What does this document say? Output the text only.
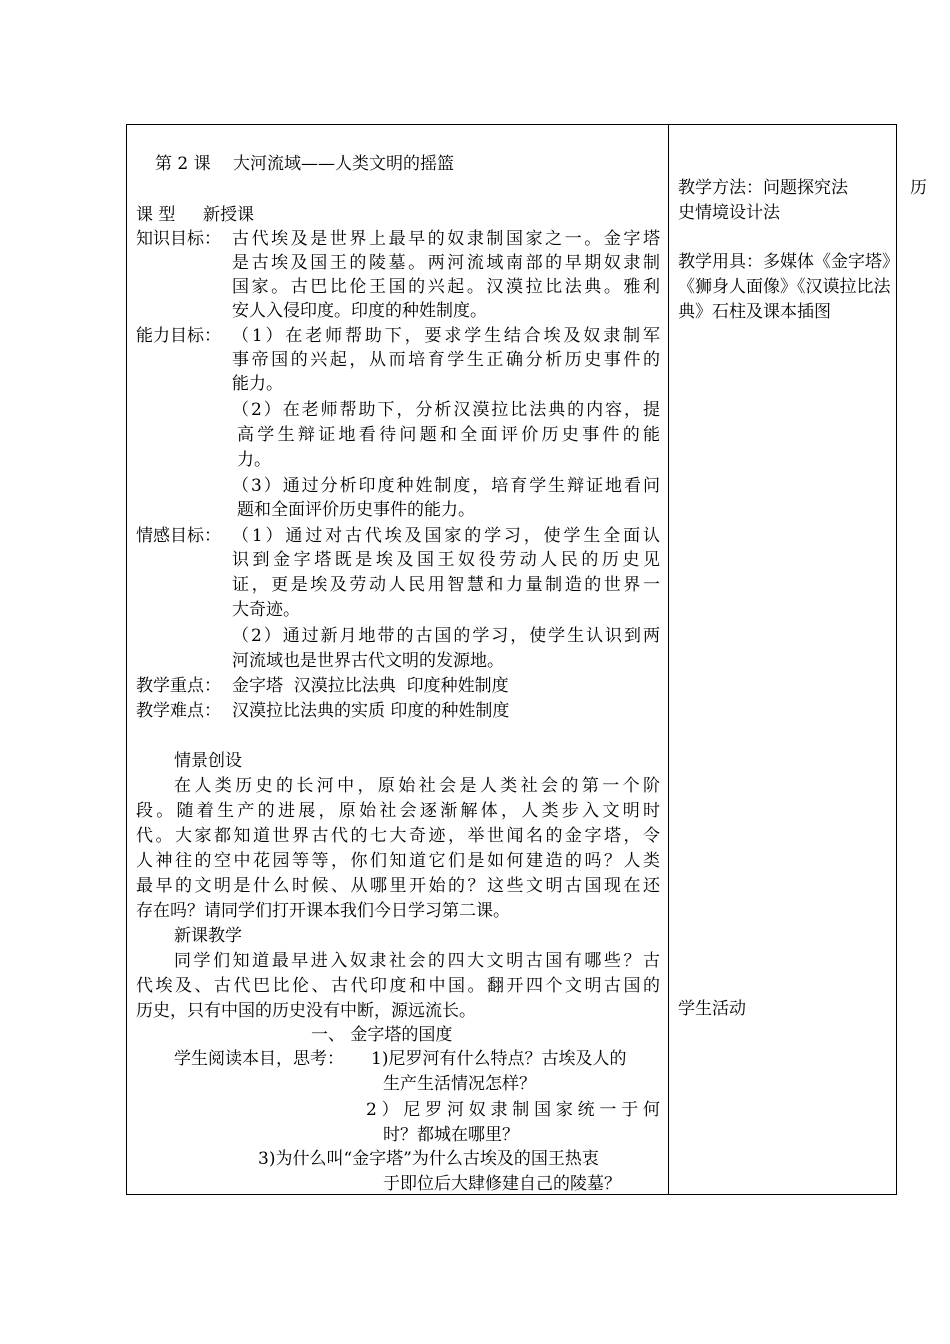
第 2 课　 大河流域——人类文明的摇篮
课 型 新授课
知识目标： 古代埃及是世界上最早的奴隶制国家之一。金字塔
是古埃及国王的陵墓。两河流域南部的早期奴隶制
国家。古巴比伦王国的兴起。汉漠拉比法典。雅利
安人入侵印度。印度的种姓制度。
能力目标： （1）在老师帮助下，要求学生结合埃及奴隶制军
事帝国的兴起，从而培育学生正确分析历史事件的
能力。
（2）在老师帮助下，分析汉漠拉比法典的内容，提
高学生辩证地看待问题和全面评价历史事件的能
力。
（3）通过分析印度种姓制度，培育学生辩证地看问
题和全面评价历史事件的能力。
情感目标： （1）通过对古代埃及国家的学习，使学生全面认
识到金字塔既是埃及国王奴役劳动人民的历史见
证，更是埃及劳动人民用智慧和力量制造的世界一
大奇迹。
（2）通过新月地带的古国的学习，使学生认识到两
河流域也是世界古代文明的发源地。
教学重点： 金字塔  汉漠拉比法典  印度种姓制度
教学难点： 汉漠拉比法典的实质 印度的种姓制度
情景创设
在人类历史的长河中，原始社会是人类社会的第一个阶
段。随着生产的进展，原始社会逐渐解体，人类步入文明时
代。大家都知道世界古代的七大奇迹，举世闻名的金字塔，令
人神往的空中花园等等，你们知道它们是如何建造的吗？人类
最早的文明是什么时候、从哪里开始的？这些文明古国现在还
存在吗？请同学们打开课本我们今日学习第二课。
新课教学
同学们知道最早进入奴隶社会的四大文明古国有哪些？古
代埃及、古代巴比伦、古代印度和中国。翻开四个文明古国的
历史，只有中国的历史没有中断，源远流长。
一、 金字塔的国度
学生阅读本目，思考： 1)尼罗河有什么特点？古埃及人的
生产生活情况怎样？
2）尼罗河奴隶制国家统一于何
时？都城在哪里？
3)为什么叫“金字塔”为什么古埃及的国王热衷
于即位后大肆修建自己的陵墓？
教学方法：问题探究法	历
史情境设计法
教学用具：多媒体《金字塔》
《狮身人面像》《汉谟拉比法
典》石柱及课本插图
学生活动
